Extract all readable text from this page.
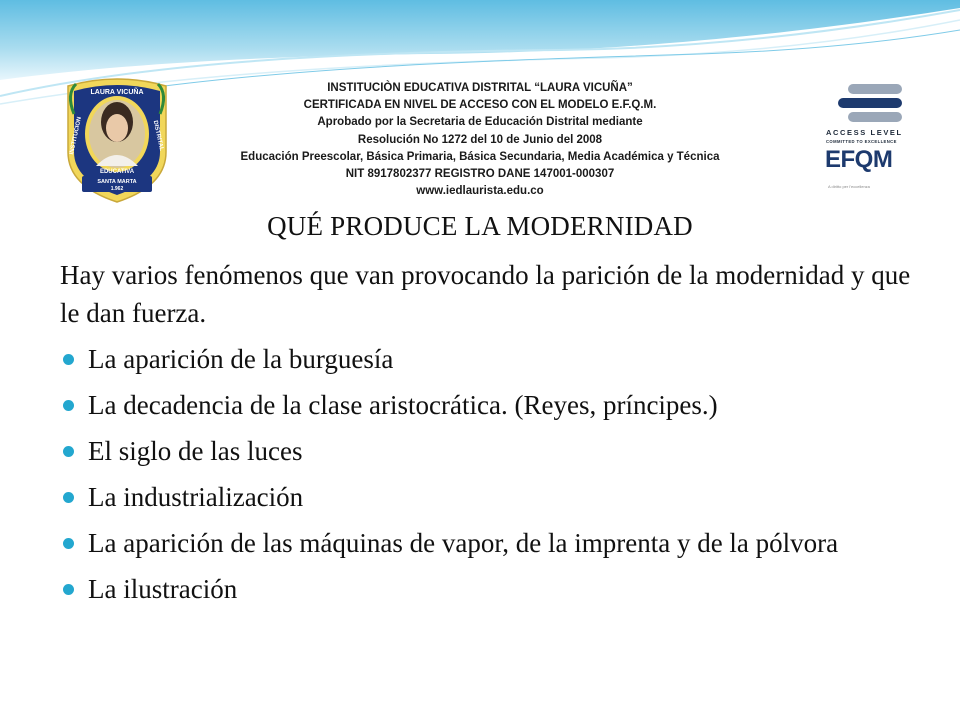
LAURA VICUÑA
INSTITUCION
EDUCATIVA
DISTRITAL
SANTA MARTA
1.962
ACCESS LEVEL
COMMITTED TO EXCELLENCE
EFQM
A diritto per l'eccellenza
INSTITUCIÒN EDUCATIVA DISTRITAL “LAURA VICUÑA”
CERTIFICADA EN NIVEL DE ACCESO CON EL MODELO E.F.Q.M.
Aprobado por la Secretaria de Educación Distrital mediante
Resolución No 1272 del 10 de Junio del 2008
Educación Preescolar, Básica Primaria, Básica Secundaria, Media Académica y Técnica
NIT 8917802377 REGISTRO DANE 147001-000307
www.iedlaurista.edu.co
QUÉ PRODUCE LA MODERNIDAD
Hay varios fenómenos que van provocando la parición de la modernidad y que le dan fuerza.
La aparición de la burguesía
La decadencia de la clase aristocrática. (Reyes, príncipes.)
El siglo de las luces
La industrialización
La aparición de las máquinas de vapor, de la imprenta y de la pólvora
La ilustración
